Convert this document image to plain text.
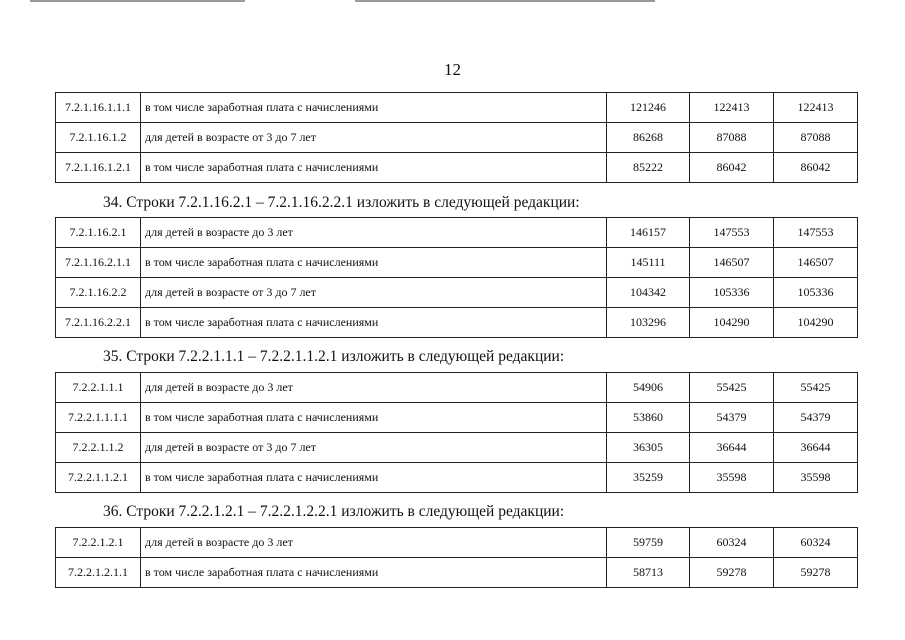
12
7.2.1.16.1.1.1	в том числе заработная плата с начислениями	121246	122413	122413
7.2.1.16.1.2	для детей в возрасте от 3 до 7 лет	86268	87088	87088
7.2.1.16.1.2.1	в том числе заработная плата с начислениями	85222	86042	86042
34. Строки 7.2.1.16.2.1 – 7.2.1.16.2.2.1 изложить в следующей редакции:
7.2.1.16.2.1	для детей в возрасте до 3 лет	146157	147553	147553
7.2.1.16.2.1.1	в том числе заработная плата с начислениями	145111	146507	146507
7.2.1.16.2.2	для детей в возрасте от 3 до 7 лет	104342	105336	105336
7.2.1.16.2.2.1	в том числе заработная плата с начислениями	103296	104290	104290
35. Строки 7.2.2.1.1.1 – 7.2.2.1.1.2.1 изложить в следующей редакции:
7.2.2.1.1.1	для детей в возрасте до 3 лет	54906	55425	55425
7.2.2.1.1.1.1	в том числе заработная плата с начислениями	53860	54379	54379
7.2.2.1.1.2	для детей в возрасте от 3 до 7 лет	36305	36644	36644
7.2.2.1.1.2.1	в том числе заработная плата с начислениями	35259	35598	35598
36. Строки 7.2.2.1.2.1 – 7.2.2.1.2.2.1 изложить в следующей редакции:
7.2.2.1.2.1	для детей в возрасте до 3 лет	59759	60324	60324
7.2.2.1.2.1.1	в том числе заработная плата с начислениями	58713	59278	59278
